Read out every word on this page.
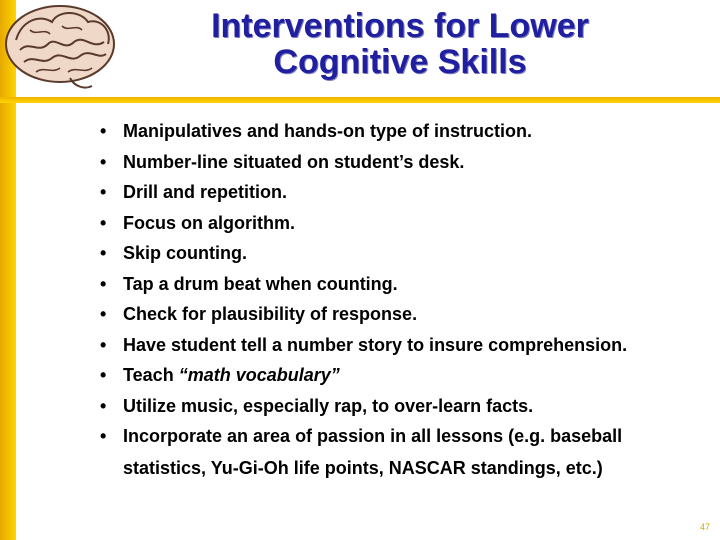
Interventions for Lower
Cognitive Skills
• Manipulatives and hands-on type of instruction.
• Number-line situated on student’s desk.
• Drill and repetition.
• Focus on algorithm.
• Skip counting.
• Tap a drum beat when counting.
• Check for plausibility of response.
• Have student tell a number story to insure comprehension.
• Teach “math vocabulary”
• Utilize music, especially rap, to over-learn facts.
• Incorporate an area of passion in all lessons (e.g. baseball statistics, Yu-Gi-Oh life points, NASCAR standings, etc.)
47
